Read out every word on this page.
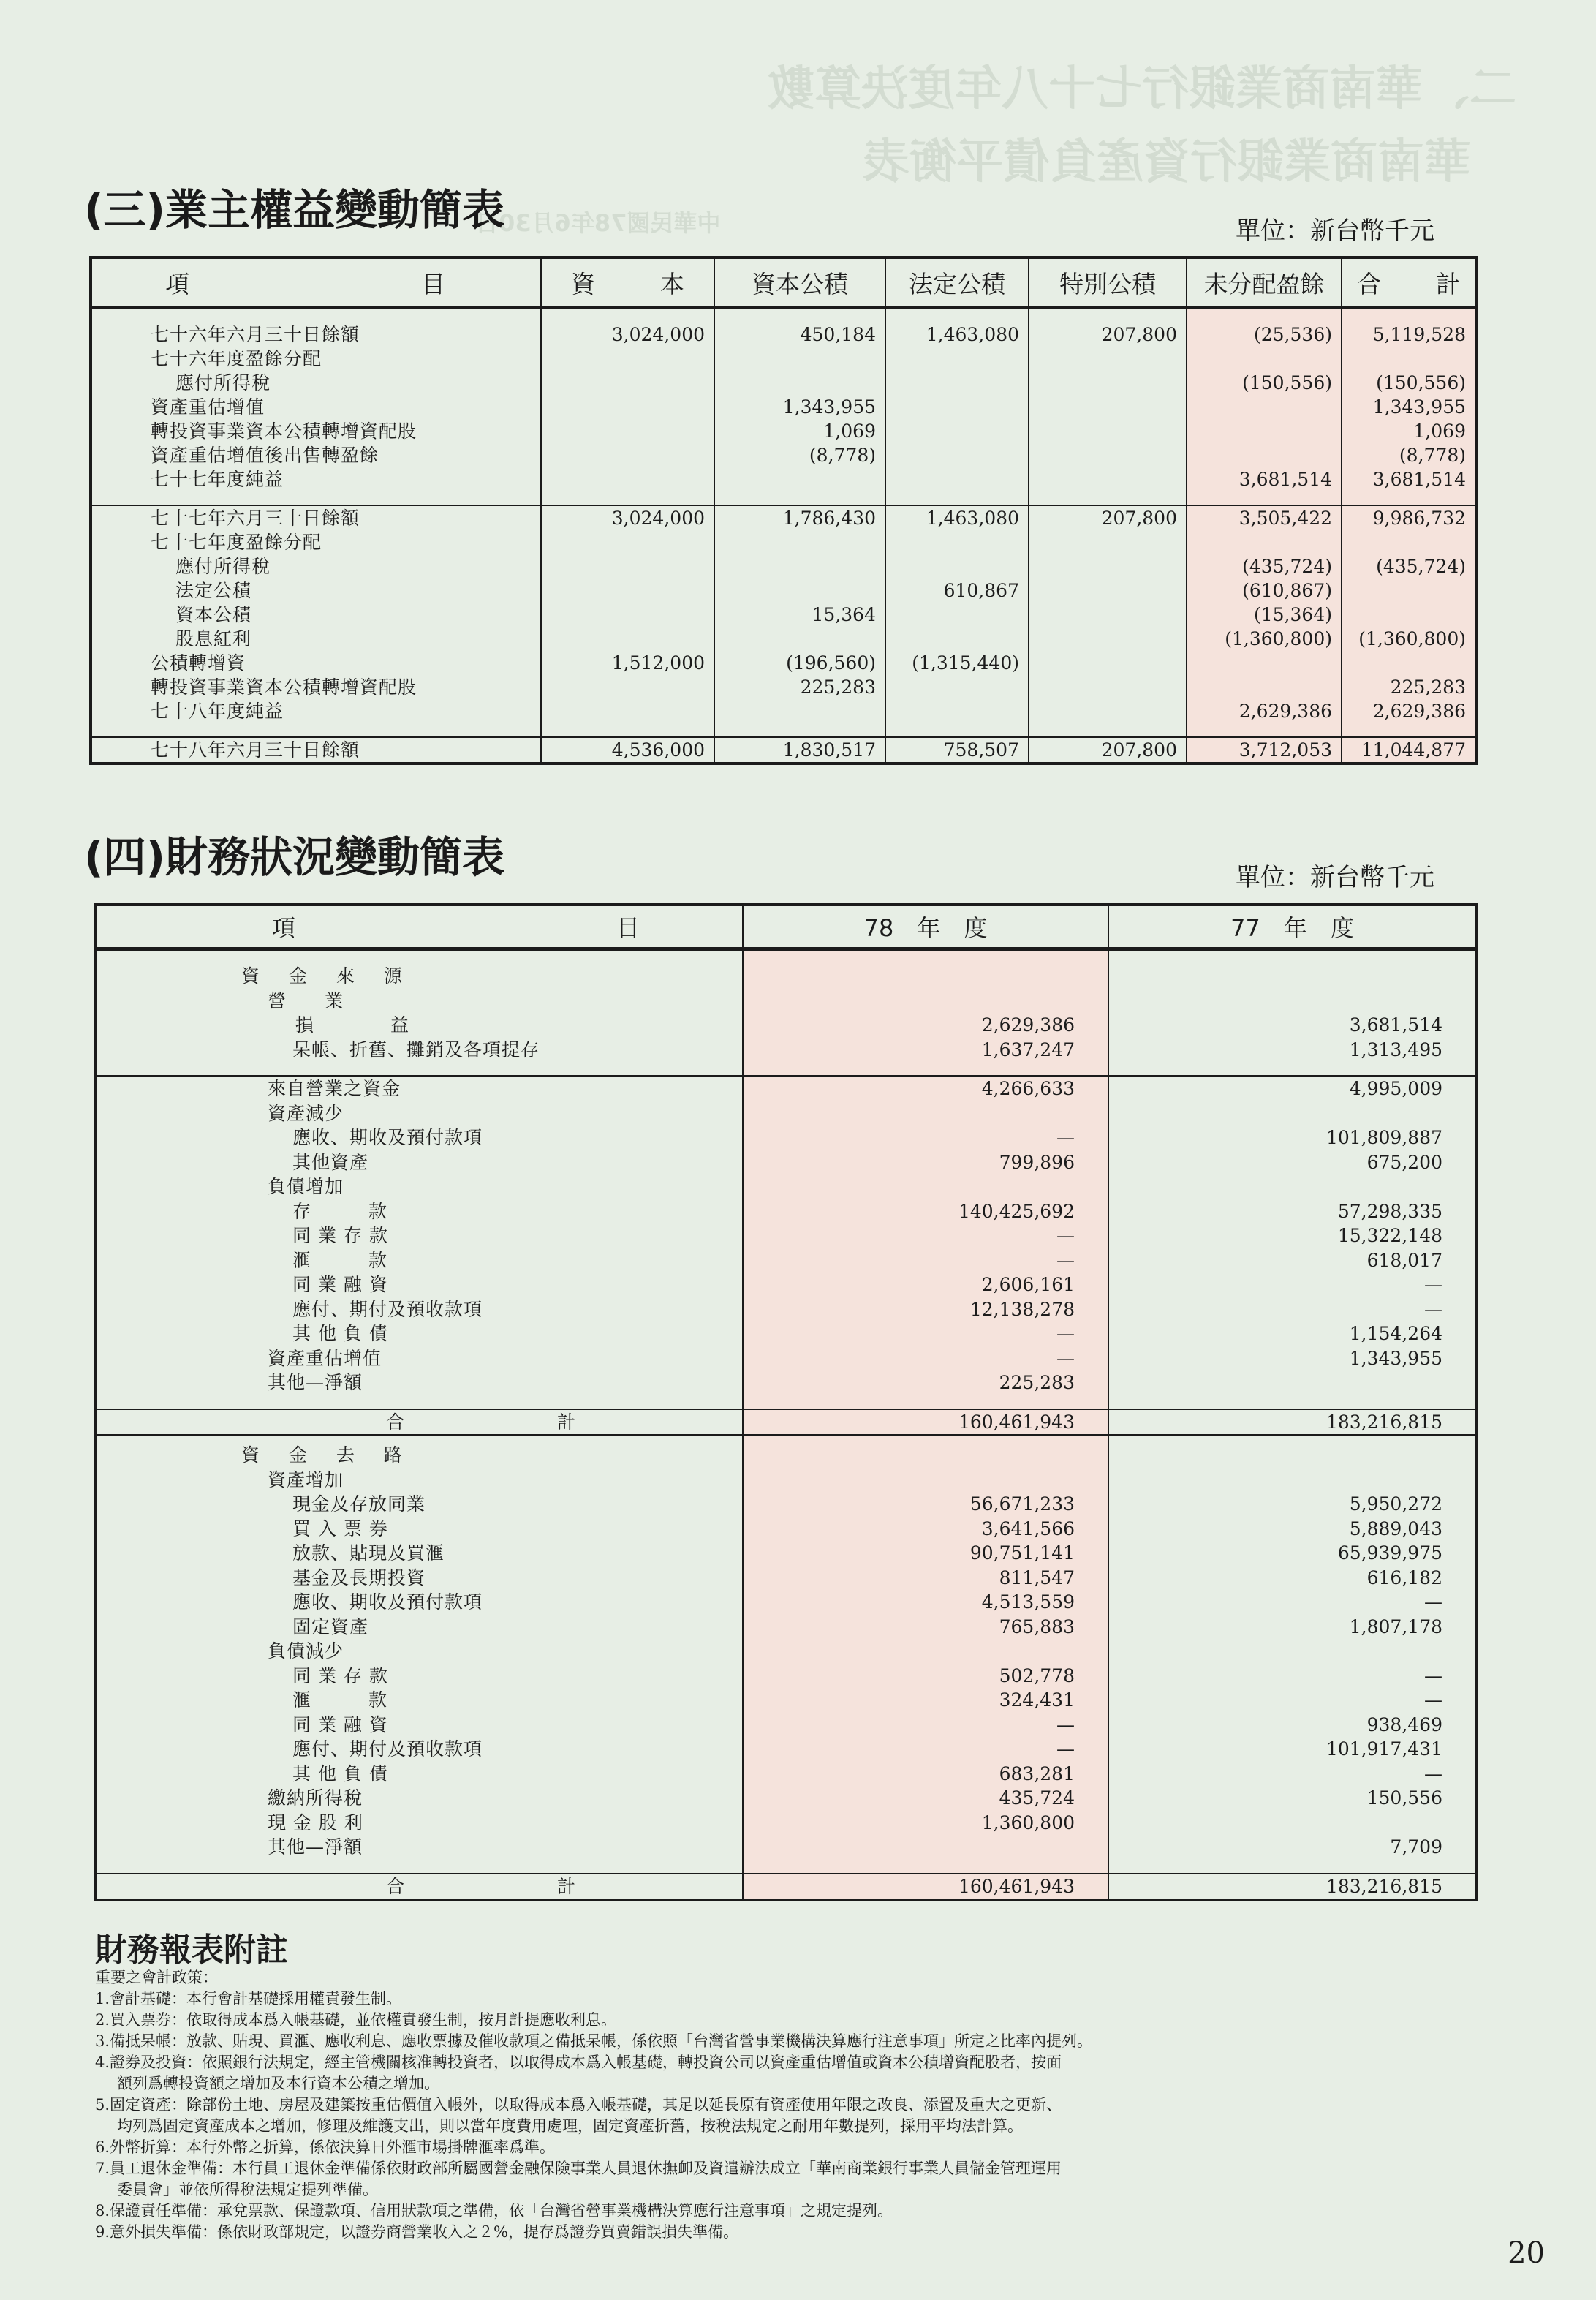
二、華南商業銀行七十八年度決算數
華南商業銀行資產負債平衡表
中華民國78年6月30日
(三)業主權益變動簡表	單位：新台幣千元
項 目	資 本	資本公積	法定公積	特別公積	未分配盈餘	合 計

七十六年六月三十日餘額	3,024,000	450,184	1,463,080	207,800	(25,536)	5,119,528
七十六年度盈餘分配						
應付所得稅					(150,556)	(150,556)
資產重估增值		1,343,955				1,343,955
轉投資事業資本公積轉增資配股		1,069				1,069
資產重估增值後出售轉盈餘		(8,778)				(8,778)
七十七年度純益					3,681,514	3,681,514

七十七年六月三十日餘額	3,024,000	1,786,430	1,463,080	207,800	3,505,422	9,986,732
七十七年度盈餘分配						
應付所得稅					(435,724)	(435,724)
法定公積			610,867		(610,867)	
資本公積		15,364			(15,364)	
股息紅利					(1,360,800)	(1,360,800)
公積轉增資	1,512,000	(196,560)	(1,315,440)			
轉投資事業資本公積轉增資配股		225,283				225,283
七十八年度純益					2,629,386	2,629,386

七十八年六月三十日餘額	4,536,000	1,830,517	758,507	207,800	3,712,053	11,044,877
(四)財務狀況變動簡表	單位：新台幣千元
項 目	78　年　度	77　年　度

資 金 來 源		
營　　業		
損　　　　益	2,629,386	3,681,514
呆帳、折舊、攤銷及各項提存	1,637,247	1,313,495

來自營業之資金	4,266,633	4,995,009
資產減少		
應收、期收及預付款項	—	101,809,887
其他資產	799,896	675,200
負債增加		
存　　　款	140,425,692	57,298,335
同 業 存 款	—	15,322,148
滙　　　款	—	618,017
同 業 融 資	2,606,161	—
應付、期付及預收款項	12,138,278	—
其 他 負 債	—	1,154,264
資產重估增值	—	1,343,955
其他—淨額	225,283	

合　　　　　　　　計	160,461,943	183,216,815
資 金 去 路		
資產增加		
現金及存放同業	56,671,233	5,950,272
買 入 票 券	3,641,566	5,889,043
放款、貼現及買滙	90,751,141	65,939,975
基金及長期投資	811,547	616,182
應收、期收及預付款項	4,513,559	—
固定資產	765,883	1,807,178
負債減少		
同 業 存 款	502,778	—
滙　　　款	324,431	—
同 業 融 資	—	938,469
應付、期付及預收款項	—	101,917,431
其 他 負 債	683,281	—
繳納所得稅	435,724	150,556
現 金 股 利	1,360,800	
其他—淨額		7,709

合　　　　　　　　計	160,461,943	183,216,815
財務報表附註
重要之會計政策：
1.會計基礎：本行會計基礎採用權責發生制。
2.買入票券：依取得成本爲入帳基礎，並依權責發生制，按月計提應收利息。
3.備抵呆帳：放款、貼現、買滙、應收利息、應收票據及催收款項之備抵呆帳，係依照「台灣省營事業機構決算應行注意事項」所定之比率內提列。
4.證券及投資：依照銀行法規定，經主管機關核准轉投資者，以取得成本爲入帳基礎，轉投資公司以資產重估增值或資本公積增資配股者，按面
額列爲轉投資額之增加及本行資本公積之增加。
5.固定資產：除部份土地、房屋及建築按重估價值入帳外，以取得成本爲入帳基礎，其足以延長原有資產使用年限之改良、添置及重大之更新、
均列爲固定資產成本之增加，修理及維護支出，則以當年度費用處理，固定資產折舊，按稅法規定之耐用年數提列，採用平均法計算。
6.外幣折算：本行外幣之折算，係依決算日外滙市場掛牌滙率爲準。
7.員工退休金準備：本行員工退休金準備係依財政部所屬國營金融保險事業人員退休撫卹及資遣辦法成立「華南商業銀行事業人員儲金管理運用
委員會」並依所得稅法規定提列準備。
8.保證責任準備：承兌票款、保證款項、信用狀款項之準備，依「台灣省營事業機構決算應行注意事項」之規定提列。
9.意外損失準備：係依財政部規定，以證券商營業收入之２%，提存爲證券買賣錯誤損失準備。
20
